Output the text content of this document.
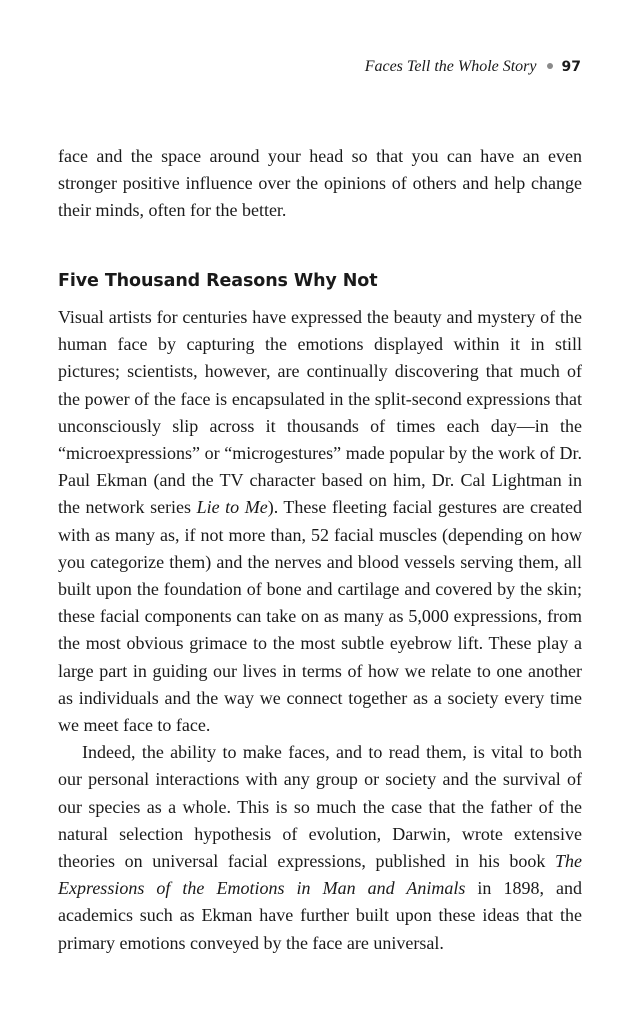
Faces Tell the Whole Story 97

face and the space around your head so that you can have an even stronger positive influence over the opinions of others and help change their minds, often for the better.

Five Thousand Reasons Why Not

Visual artists for centuries have expressed the beauty and mystery of the human face by capturing the emotions displayed within it in still pictures; scientists, however, are continually discovering that much of the power of the face is encapsulated in the split-second expressions that unconsciously slip across it thousands of times each day—in the “microexpressions” or “microgestures” made popular by the work of Dr. Paul Ekman (and the TV character based on him, Dr. Cal Lightman in the network series Lie to Me). These fleeting facial gestures are created with as many as, if not more than, 52 facial muscles (depending on how you categorize them) and the nerves and blood vessels serving them, all built upon the foundation of bone and cartilage and covered by the skin; these facial components can take on as many as 5,000 expressions, from the most obvious grimace to the most subtle eyebrow lift. These play a large part in guiding our lives in terms of how we relate to one another as individuals and the way we connect together as a society every time we meet face to face.

Indeed, the ability to make faces, and to read them, is vital to both our personal interactions with any group or society and the survival of our species as a whole. This is so much the case that the father of the natural selection hypothesis of evolution, Darwin, wrote extensive theories on universal facial expressions, published in his book The Expressions of the Emotions in Man and Animals in 1898, and academics such as Ekman have further built upon these ideas that the primary emotions conveyed by the face are universal.
